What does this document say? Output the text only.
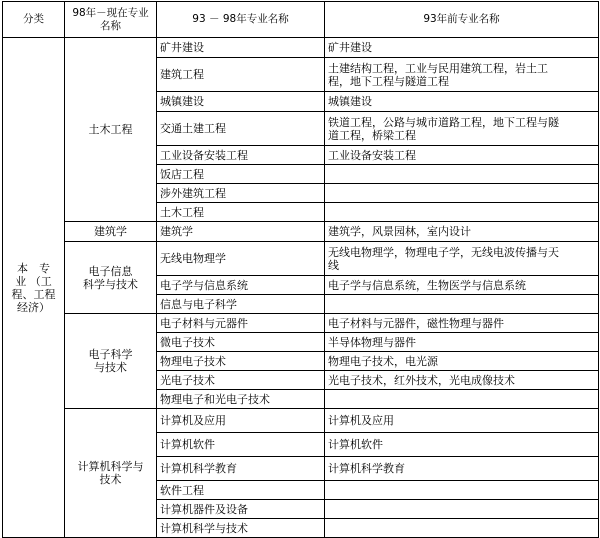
分类	98年－现在专业名称	93 － 98年专业名称	93年前专业名称
本　专
业 （工
程、工程
经济）	土木工程	矿井建设	矿井建设
		建筑工程	土建结构工程，工业与民用建筑工程，岩土工
程，地下工程与隧道工程
		城镇建设	城镇建设
		交通土建工程	铁道工程，公路与城市道路工程，地下工程与隧
道工程，桥梁工程
		工业设备安装工程	工业设备安装工程
		饭店工程	
		涉外建筑工程	
		土木工程	
	建筑学	建筑学	建筑学，风景园林，室内设计
	电子信息
科学与技术	无线电物理学	无线电物理学，物理电子学，无线电波传播与天
线
		电子学与信息系统	电子学与信息系统，生物医学与信息系统
		信息与电子科学	
	电子科学
与技术	电子材料与元器件	电子材料与元器件，磁性物理与器件
		微电子技术	半导体物理与器件
		物理电子技术	物理电子技术，电光源
		光电子技术	光电子技术，红外技术，光电成像技术
		物理电子和光电子技术	
	计算机科学与
技术	计算机及应用	计算机及应用
		计算机软件	计算机软件
		计算机科学教育	计算机科学教育
		软件工程	
		计算机器件及设备	
		计算机科学与技术	
